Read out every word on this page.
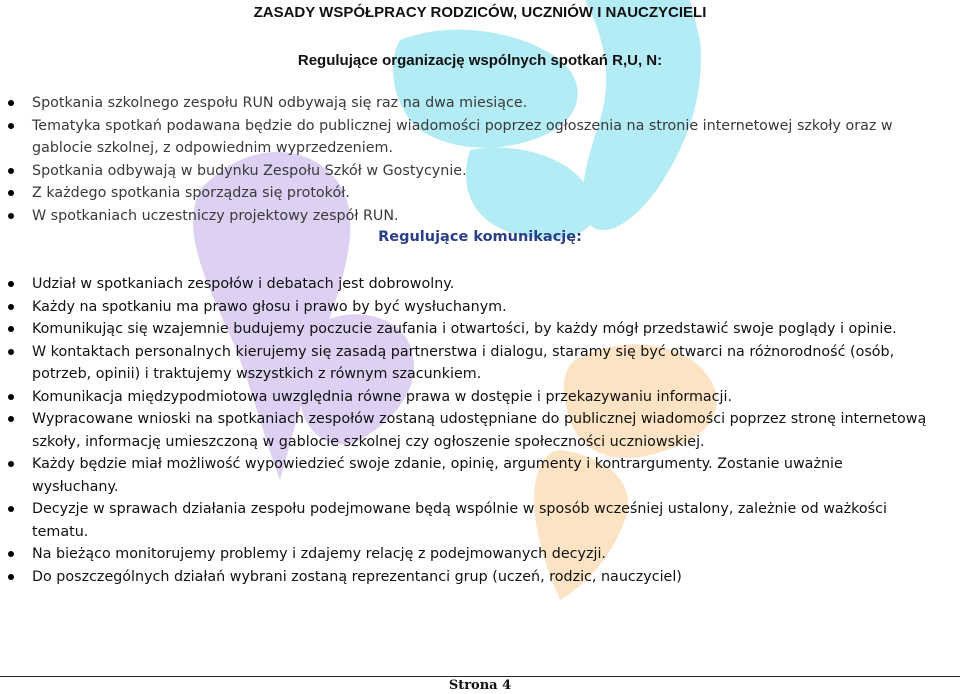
ZASADY WSPÓŁPRACY RODZICÓW, UCZNIÓW I NAUCZYCIELI
Regulujące organizację wspólnych spotkań R,U, N:
Spotkania szkolnego zespołu RUN odbywają się raz na dwa miesiące.
Tematyka spotkań podawana będzie do publicznej wiadomości poprzez ogłoszenia na stronie internetowej szkoły oraz w gablocie szkolnej, z odpowiednim wyprzedzeniem.
Spotkania odbywają w budynku Zespołu Szkół w Gostycynie.
Z każdego spotkania sporządza się protokół.
W spotkaniach uczestniczy projektowy zespół RUN.
Regulujące komunikację:
Udział w spotkaniach zespołów i debatach jest dobrowolny.
Każdy na spotkaniu ma prawo głosu i prawo by być wysłuchanym.
Komunikując się wzajemnie budujemy poczucie zaufania i otwartości, by każdy mógł przedstawić swoje poglądy i opinie.
W kontaktach personalnych kierujemy się zasadą partnerstwa i dialogu, staramy się być otwarci na różnorodność (osób, potrzeb, opinii) i traktujemy wszystkich z równym szacunkiem.
Komunikacja międzypodmiotowa uwzględnia równe prawa w dostępie i przekazywaniu informacji.
Wypracowane wnioski na spotkaniach zespołów zostaną udostępniane do publicznej wiadomości poprzez stronę internetową szkoły, informację umieszczoną w gablocie szkolnej czy ogłoszenie społeczności uczniowskiej.
Każdy będzie miał możliwość wypowiedzieć swoje zdanie, opinię, argumenty i kontrargumenty. Zostanie uważnie wysłuchany.
Decyzje w sprawach działania zespołu podejmowane będą wspólnie w sposób wcześniej ustalony, zależnie od ważkości tematu.
Na bieżąco monitorujemy problemy i zdajemy relację z podejmowanych decyzji.
Do poszczególnych działań wybrani zostaną reprezentanci grup (uczeń, rodzic, nauczyciel)
Strona 4
